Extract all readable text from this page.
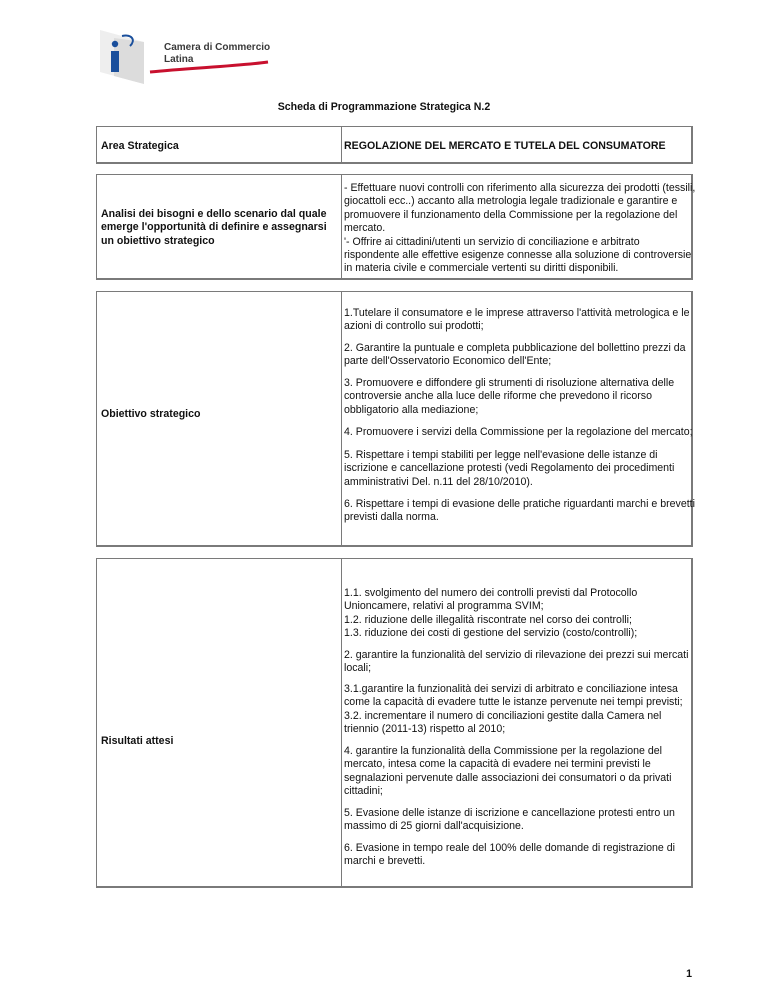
Camera di Commercio
Latina
Scheda di Programmazione Strategica N.2
Area Strategica	REGOLAZIONE DEL MERCATO E TUTELA DEL CONSUMATORE
Analisi dei bisogni e dello scenario dal quale
emerge l'opportunità di definire e assegnarsi
un obiettivo strategico
- Effettuare nuovi controlli con riferimento alla sicurezza dei prodotti (tessili,
giocattoli ecc..) accanto alla metrologia legale tradizionale e garantire e
promuovere il funzionamento della Commissione per la regolazione del
mercato.
'- Offrire ai cittadini/utenti un servizio di conciliazione e arbitrato
rispondente alle effettive esigenze connesse alla soluzione di controversie
in materia civile e commerciale vertenti su diritti disponibili.
Obiettivo strategico
1.Tutelare il consumatore e le imprese attraverso l'attività metrologica e le
azioni di controllo sui prodotti;
2. Garantire la puntuale e completa pubblicazione del bollettino prezzi da
parte dell'Osservatorio Economico dell'Ente;
3. Promuovere e diffondere gli strumenti di risoluzione alternativa delle
controversie anche alla luce delle riforme che prevedono il ricorso
obbligatorio alla mediazione;
4. Promuovere i servizi della Commissione per la regolazione del mercato;
5. Rispettare i tempi stabiliti per legge nell'evasione delle istanze di
iscrizione e cancellazione protesti (vedi Regolamento dei procedimenti
amministrativi Del. n.11 del 28/10/2010).
6. Rispettare i tempi di evasione delle pratiche riguardanti marchi e brevetti
previsti dalla norma.
Risultati attesi
1.1. svolgimento del numero dei controlli previsti dal Protocollo
Unioncamere, relativi al programma SVIM;
1.2. riduzione delle illegalità riscontrate nel corso dei controlli;
1.3. riduzione dei costi di gestione del servizio (costo/controlli);
2. garantire la funzionalità del servizio di rilevazione dei prezzi sui mercati
locali;
3.1.garantire la funzionalità dei servizi di arbitrato e conciliazione intesa
come la capacità di evadere tutte le istanze pervenute nei tempi previsti;
3.2. incrementare il numero di conciliazioni gestite dalla Camera nel
triennio (2011-13) rispetto al 2010;
4. garantire la funzionalità della Commissione per la regolazione del
mercato, intesa come la capacità di evadere nei termini previsti le
segnalazioni pervenute dalle associazioni dei consumatori o da privati
cittadini;
5. Evasione delle istanze di iscrizione e cancellazione protesti entro un
massimo di 25 giorni dall'acquisizione.
6. Evasione in tempo reale del 100% delle domande di registrazione di
marchi e brevetti.
1
